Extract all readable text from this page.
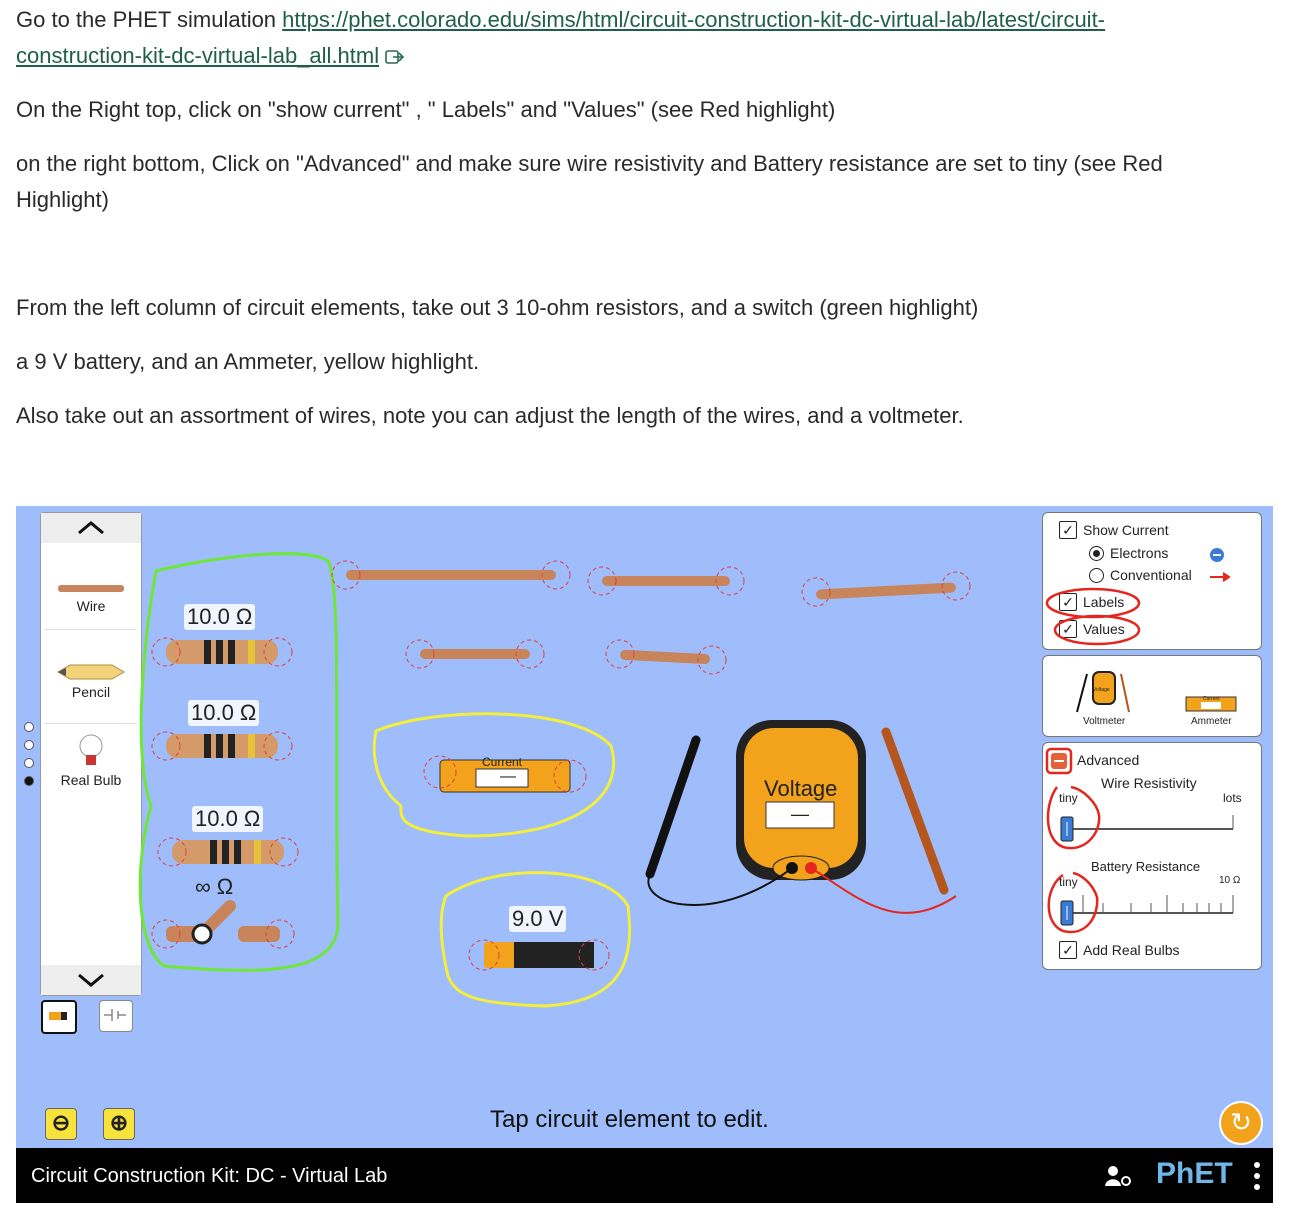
Go to the PHET simulation https://phet.colorado.edu/sims/html/circuit-construction-kit-dc-virtual-lab/latest/circuit-

construction-kit-dc-virtual-lab_all.html

On the Right top, click on "show current" , " Labels" and "Values" (see Red highlight)

on the right bottom, Click on "Advanced" and make sure wire resistivity and Battery resistance are set to tiny (see Red

Highlight)

From the left column of circuit elements, take out 3 10-ohm resistors, and a switch (green highlight)

a 9 V battery, and an Ammeter, yellow highlight.

Also take out an assortment of wires, note you can adjust the length of the wires, and a voltmeter.

Wire
Pencil
Real Bulb
10.0 Ω
10.0 Ω
10.0 Ω
∞ Ω
Current
—	Voltage
—
9.0 V
✓ Show Current
Electrons
Conventional
✓ Labels
✓ Values
Voltage
Voltmeter
Current
Ammeter
Advanced
Wire Resistivity
tiny	lots
Battery Resistance
tiny	10 Ω
✓ Add Real Bulbs
⊖	⊕	Tap circuit element to edit.	↻
Circuit Construction Kit: DC - Virtual Lab	PhET
